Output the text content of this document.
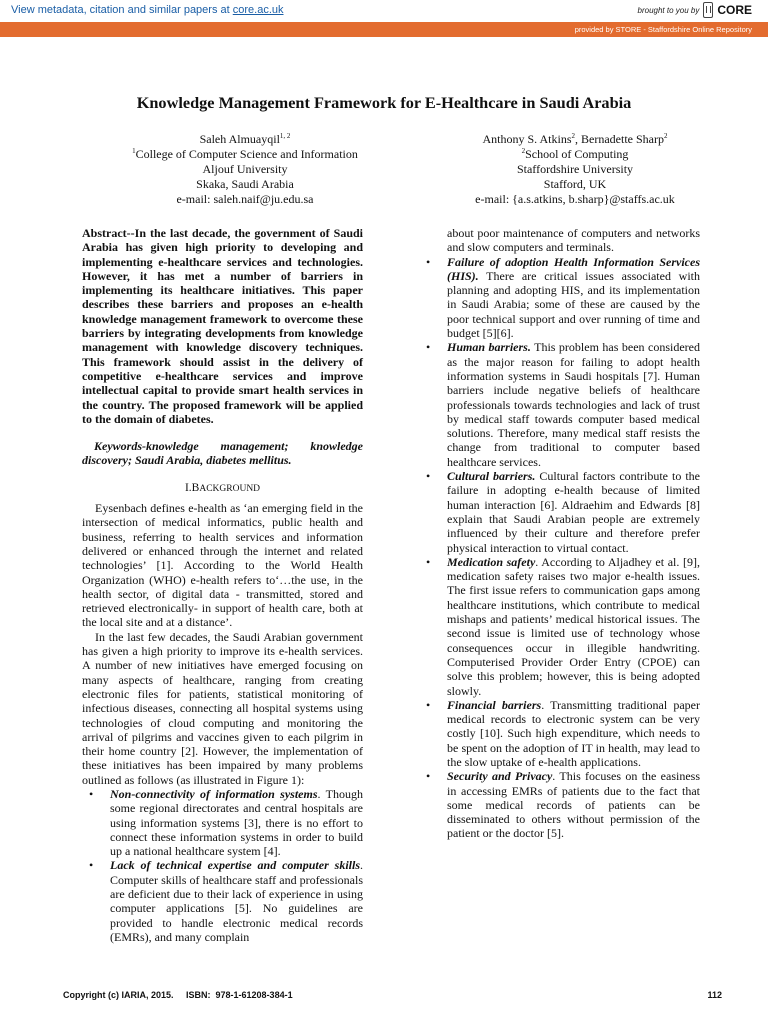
View metadata, citation and similar papers at core.ac.uk	brought to you by CORE
provided by STORE - Staffordshire Online Repository
Knowledge Management Framework for E-Healthcare in Saudi Arabia
Saleh Almuayqil$^{1, 2}$
$^1$College of Computer Science and Information
Aljouf University
Skaka, Saudi Arabia
e-mail: saleh.naif@ju.edu.sa
Anthony S. Atkins$^2$, Bernadette Sharp$^2$
$^2$School of Computing
Staffordshire University
Stafford, UK
e-mail: {a.s.atkins, b.sharp}@staffs.ac.uk

Abstract--In the last decade, the government of Saudi Arabia has given high priority to developing and implementing e-healthcare services and technologies. However, it has met a number of barriers in implementing its healthcare initiatives. This paper describes these barriers and proposes an e-health knowledge management framework to overcome these barriers by integrating developments from knowledge management with knowledge discovery techniques. This framework should assist in the delivery of competitive e-healthcare services and improve intellectual capital to provide smart health services in the country. The proposed framework will be applied to the domain of diabetes.

Keywords-knowledge management; knowledge discovery; Saudi Arabia, diabetes mellitus.

I.BACKGROUND

Eysenbach defines e-health as ‘an emerging field in the intersection of medical informatics, public health and business, referring to health services and information delivered or enhanced through the internet and related technologies’ [1]. According to the World Health Organization (WHO) e-health refers to‘…the use, in the health sector, of digital data - transmitted, stored and retrieved electronically- in support of health care, both at the local site and at a distance’.

In the last few decades, the Saudi Arabian government has given a high priority to improve its e-health services. A number of new initiatives have emerged focusing on many aspects of healthcare, ranging from creating electronic files for patients, statistical monitoring of infectious diseases, connecting all hospital systems using technologies of cloud computing and monitoring the arrival of pilgrims and vaccines given to each pilgrim in their home country [2]. However, the implementation of these initiatives has been impaired by many problems outlined as follows (as illustrated in Figure 1):

• Non-connectivity of information systems. Though some regional directorates and central hospitals are using information systems [3], there is no effort to connect these information systems in order to build up a national healthcare system [4].
• Lack of technical expertise and computer skills. Computer skills of healthcare staff and professionals are deficient due to their lack of experience in using computer applications [5]. No guidelines are provided to handle electronic medical records (EMRs), and many complain
about poor maintenance of computers and networks and slow computers and terminals.
• Failure of adoption Health Information Services (HIS). There are critical issues associated with planning and adopting HIS, and its implementation in Saudi Arabia; some of these are caused by the poor technical support and over running of time and budget [5][6].
• Human barriers. This problem has been considered as the major reason for failing to adopt health information systems in Saudi hospitals [7]. Human barriers include negative beliefs of healthcare professionals towards technologies and lack of trust by medical staff towards computer based medical solutions. Therefore, many medical staff resists the change from traditional to computer based healthcare services.
• Cultural barriers. Cultural factors contribute to the failure in adopting e-health because of limited human interaction [6]. Aldraehim and Edwards [8] explain that Saudi Arabian people are extremely influenced by their culture and therefore prefer physical interaction to virtual contact.
• Medication safety. According to Aljadhey et al. [9], medication safety raises two major e-health issues. The first issue refers to communication gaps among healthcare institutions, which contribute to medical mishaps and patients’ medical historical issues. The second issue is limited use of technology whose consequences occur in illegible handwriting. Computerised Provider Order Entry (CPOE) can solve this problem; however, this is being adopted slowly.
• Financial barriers. Transmitting traditional paper medical records to electronic system can be very costly [10]. Such high expenditure, which needs to be spent on the adoption of IT in health, may lead to the slow uptake of e-health applications.
• Security and Privacy. This focuses on the easiness in accessing EMRs of patients due to the fact that some medical records of patients can be disseminated to others without permission of the patient or the doctor [5].
Copyright (c) IARIA, 2015.     ISBN:  978-1-61208-384-1	112
